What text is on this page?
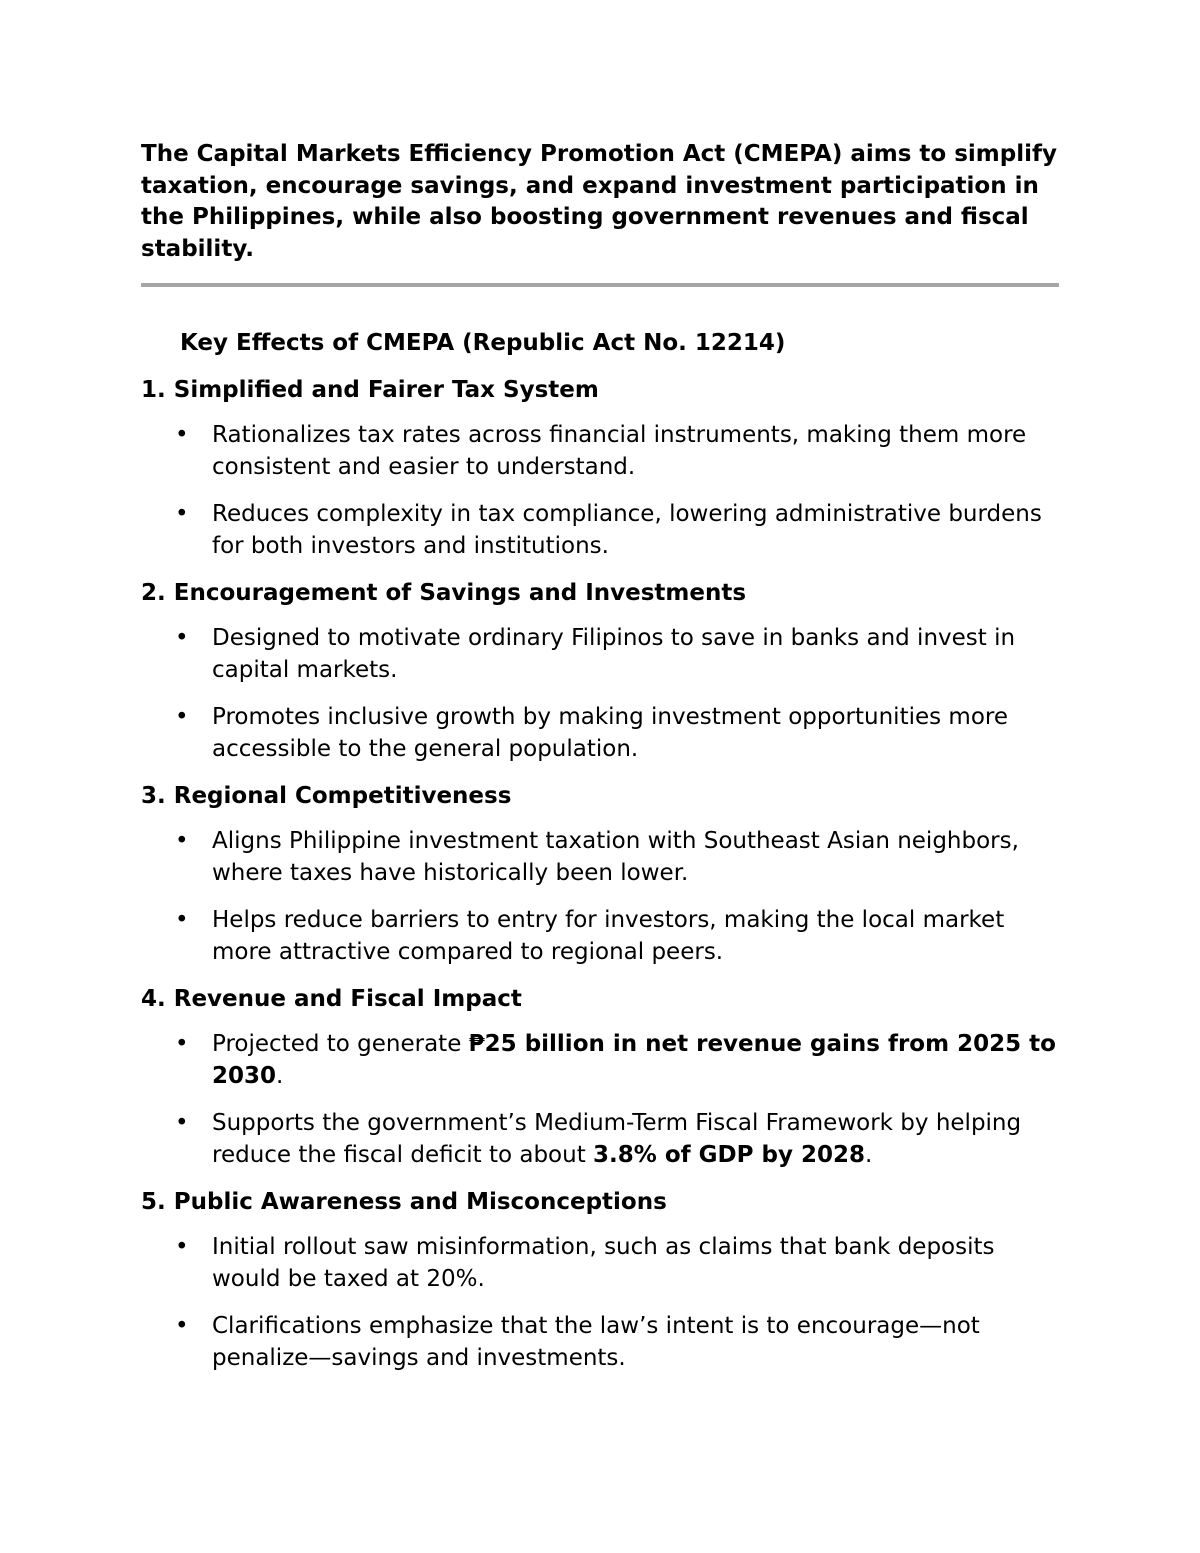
The Capital Markets Efficiency Promotion Act (CMEPA) aims to simplify taxation, encourage savings, and expand investment participation in the Philippines, while also boosting government revenues and fiscal stability.

Key Effects of CMEPA (Republic Act No. 12214)
1. Simplified and Fairer Tax System
• Rationalizes tax rates across financial instruments, making them more consistent and easier to understand.
• Reduces complexity in tax compliance, lowering administrative burdens for both investors and institutions.
2. Encouragement of Savings and Investments
• Designed to motivate ordinary Filipinos to save in banks and invest in capital markets.
• Promotes inclusive growth by making investment opportunities more accessible to the general population.
3. Regional Competitiveness
• Aligns Philippine investment taxation with Southeast Asian neighbors, where taxes have historically been lower.
• Helps reduce barriers to entry for investors, making the local market more attractive compared to regional peers.
4. Revenue and Fiscal Impact
• Projected to generate ₱25 billion in net revenue gains from 2025 to 2030.
• Supports the government’s Medium-Term Fiscal Framework by helping reduce the fiscal deficit to about 3.8% of GDP by 2028.
5. Public Awareness and Misconceptions
• Initial rollout saw misinformation, such as claims that bank deposits would be taxed at 20%.
• Clarifications emphasize that the law’s intent is to encourage—not penalize—savings and investments.
